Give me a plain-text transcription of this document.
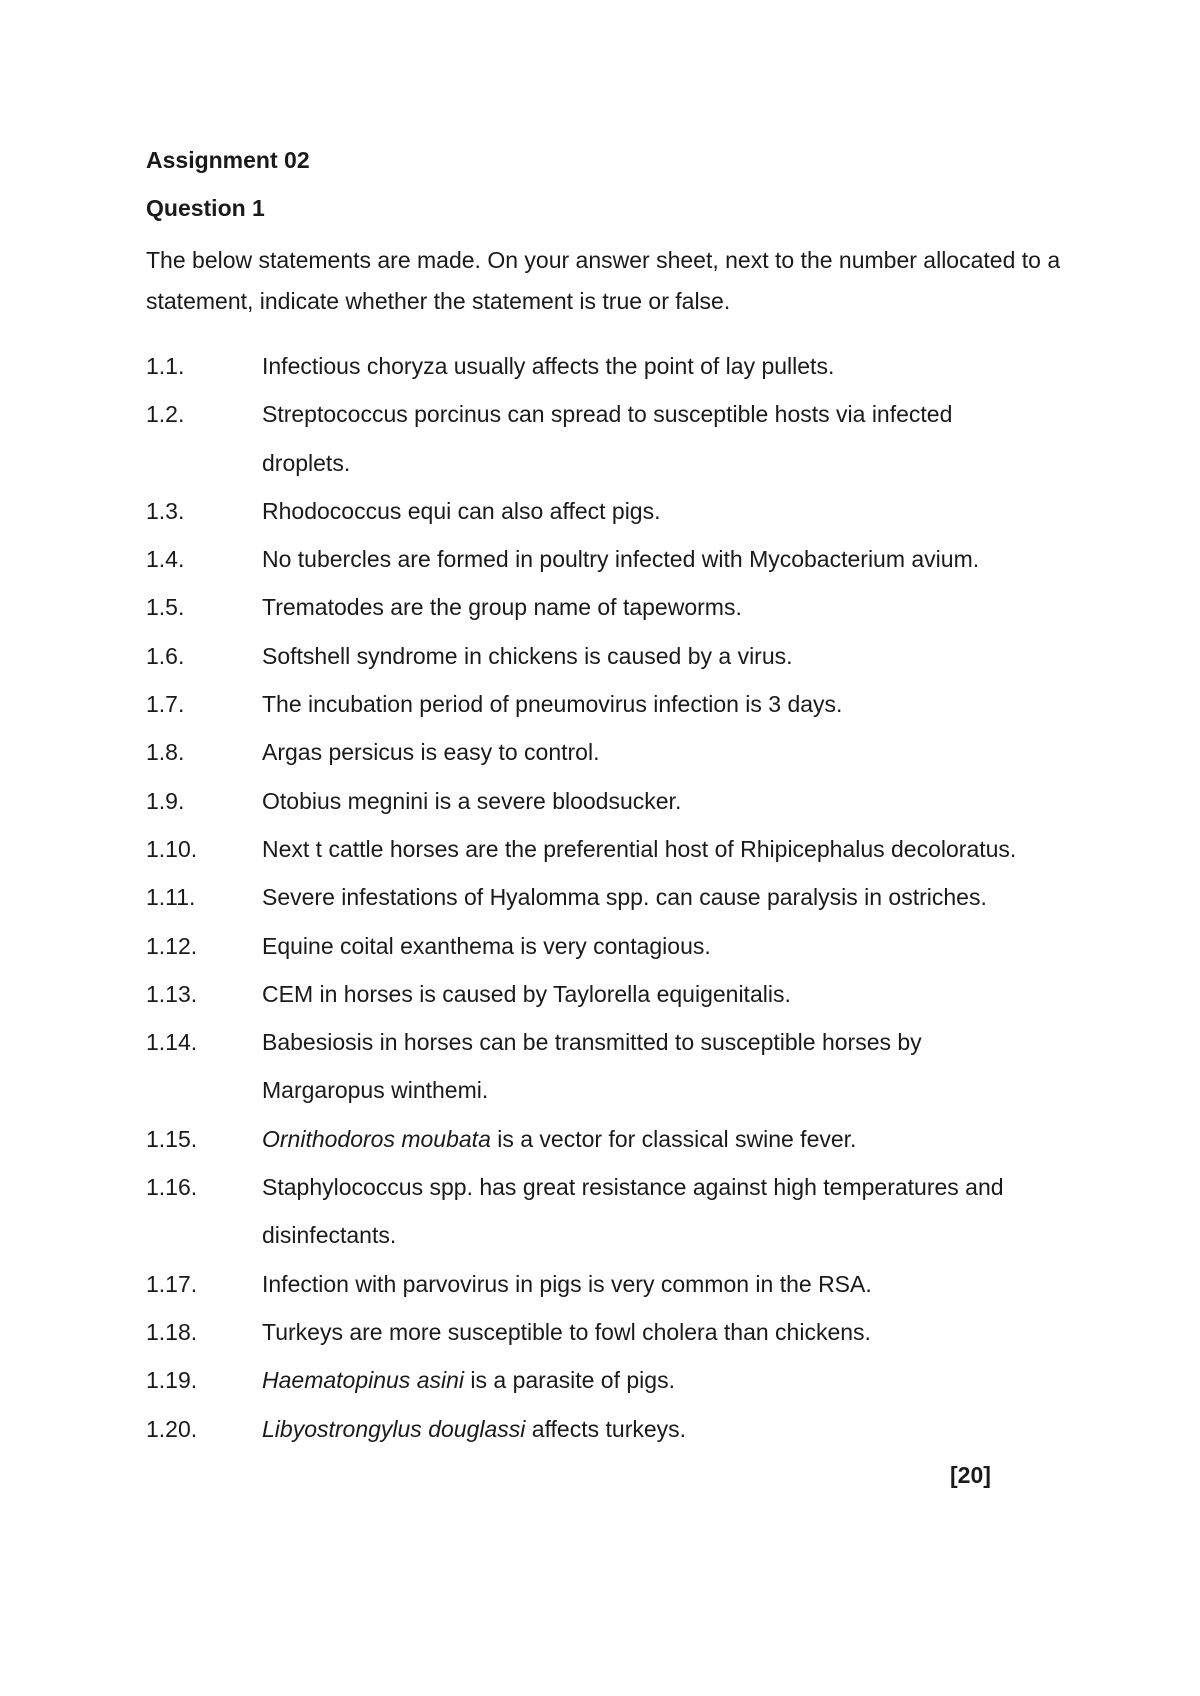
Assignment 02
Question 1

The below statements are made. On your answer sheet, next to the number allocated to a statement, indicate whether the statement is true or false.

1.1.	Infectious choryza usually affects the point of lay pullets.
1.2.	Streptococcus porcinus can spread to susceptible hosts via infected
droplets.
1.3.	Rhodococcus equi can also affect pigs.
1.4.	No tubercles are formed in poultry infected with Mycobacterium avium.
1.5.	Trematodes are the group name of tapeworms.
1.6.	Softshell syndrome in chickens is caused by a virus.
1.7.	The incubation period of pneumovirus infection is 3 days.
1.8.	Argas persicus is easy to control.
1.9.	Otobius megnini is a severe bloodsucker.
1.10.	Next t cattle horses are the preferential host of Rhipicephalus decoloratus.
1.11.	Severe infestations of Hyalomma spp. can cause paralysis in ostriches.
1.12.	Equine coital exanthema is very contagious.
1.13.	CEM in horses is caused by Taylorella equigenitalis.
1.14.	Babesiosis in horses can be transmitted to susceptible horses by
Margaropus winthemi.
1.15.	Ornithodoros moubata is a vector for classical swine fever.
1.16.	Staphylococcus spp. has great resistance against high temperatures and
disinfectants.
1.17.	Infection with parvovirus in pigs is very common in the RSA.
1.18.	Turkeys are more susceptible to fowl cholera than chickens.
1.19.	Haematopinus asini is a parasite of pigs.
1.20.	Libyostrongylus douglassi affects turkeys.
[20]
